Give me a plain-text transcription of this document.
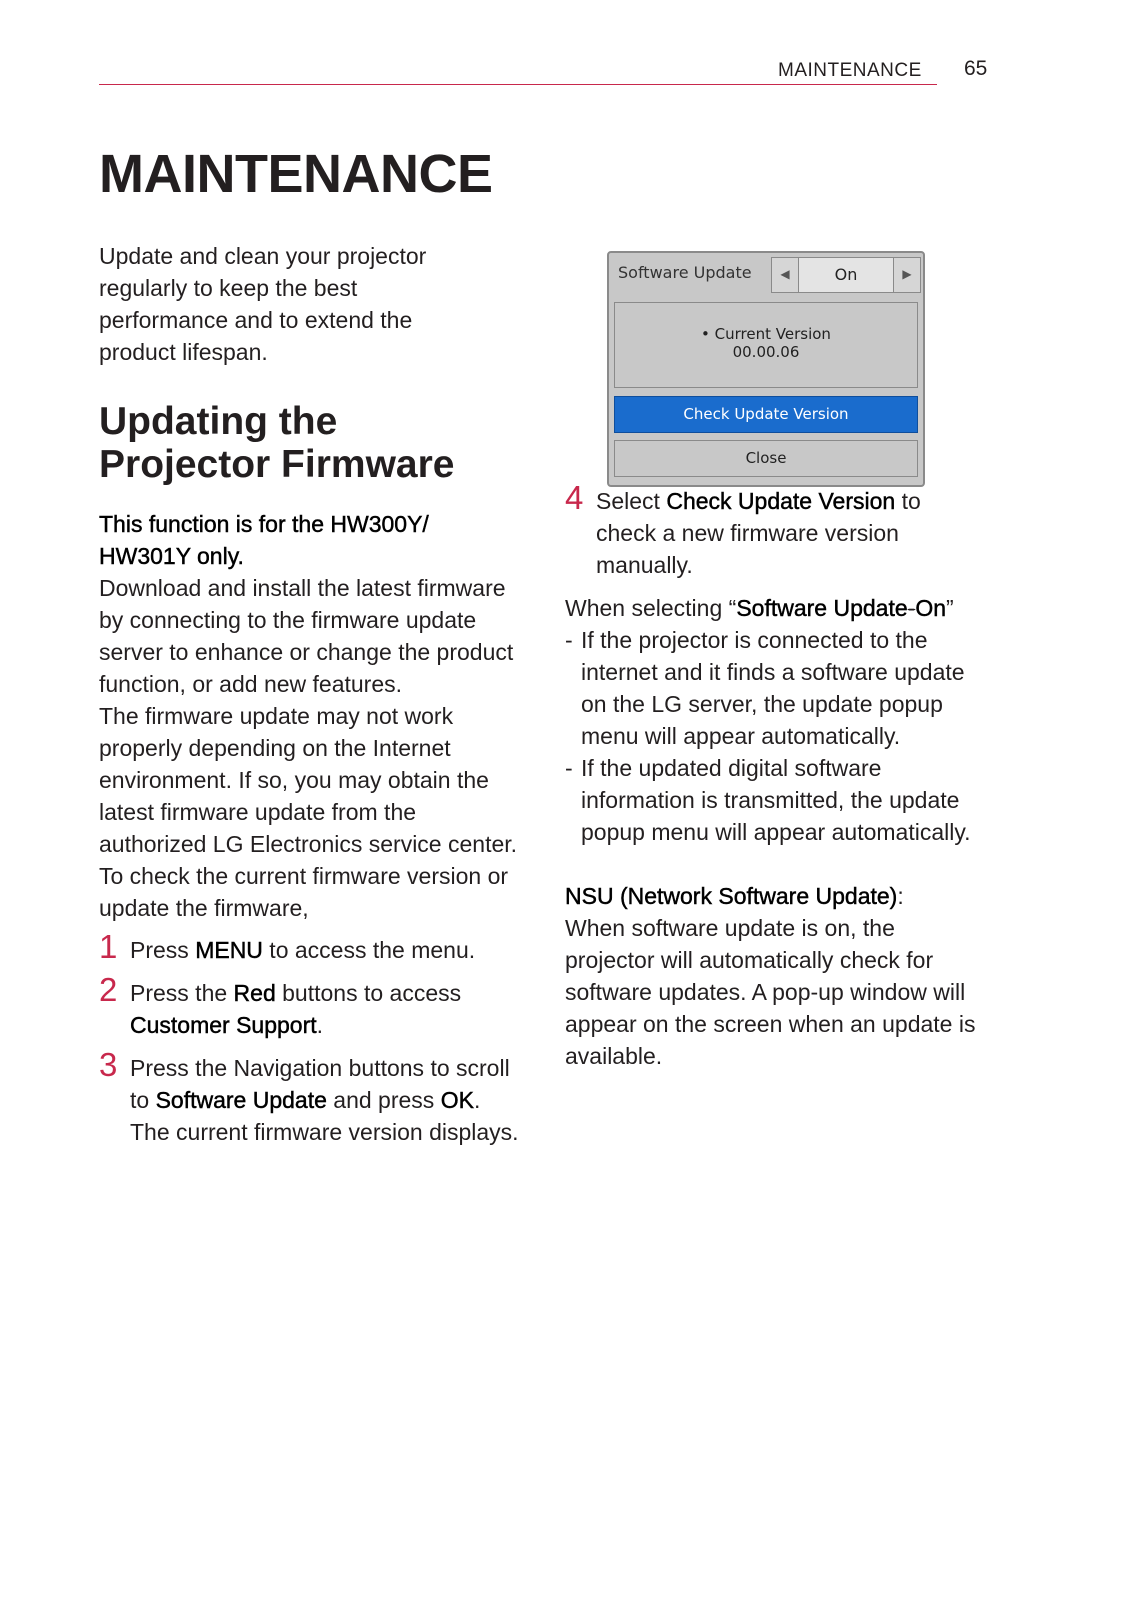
MAINTENANCE 65
MAINTENANCE

Update and clean your projector regularly to keep the best performance and to extend the product lifespan.

Updating the Projector Firmware

This function is for the HW300Y/ HW301Y only.

Download and install the latest firmware by connecting to the firmware update server to enhance or change the product function, or add new features.

The firmware update may not work properly depending on the Internet environment. If so, you may obtain the latest firmware update from the authorized LG Electronics service center.

To check the current firmware version or update the firmware,

1 Press MENU to access the menu.
2 Press the Red buttons to access Customer Support.
3 Press the Navigation buttons to scroll to Software Update and press OK.

The current firmware version displays.

Software Update	◀	On	▶
• Current Version
00.00.06
Check Update Version
Close
4 Select Check Update Version to check a new firmware version manually.

When selecting “Software Update-On”

- If the projector is connected to the internet and it finds a software update on the LG server, the update popup menu will appear automatically.
- If the updated digital software information is transmitted, the update popup menu will appear automatically.

NSU (Network Software Update):

When software update is on, the projector will automatically check for software updates. A pop-up window will appear on the screen when an update is available.
